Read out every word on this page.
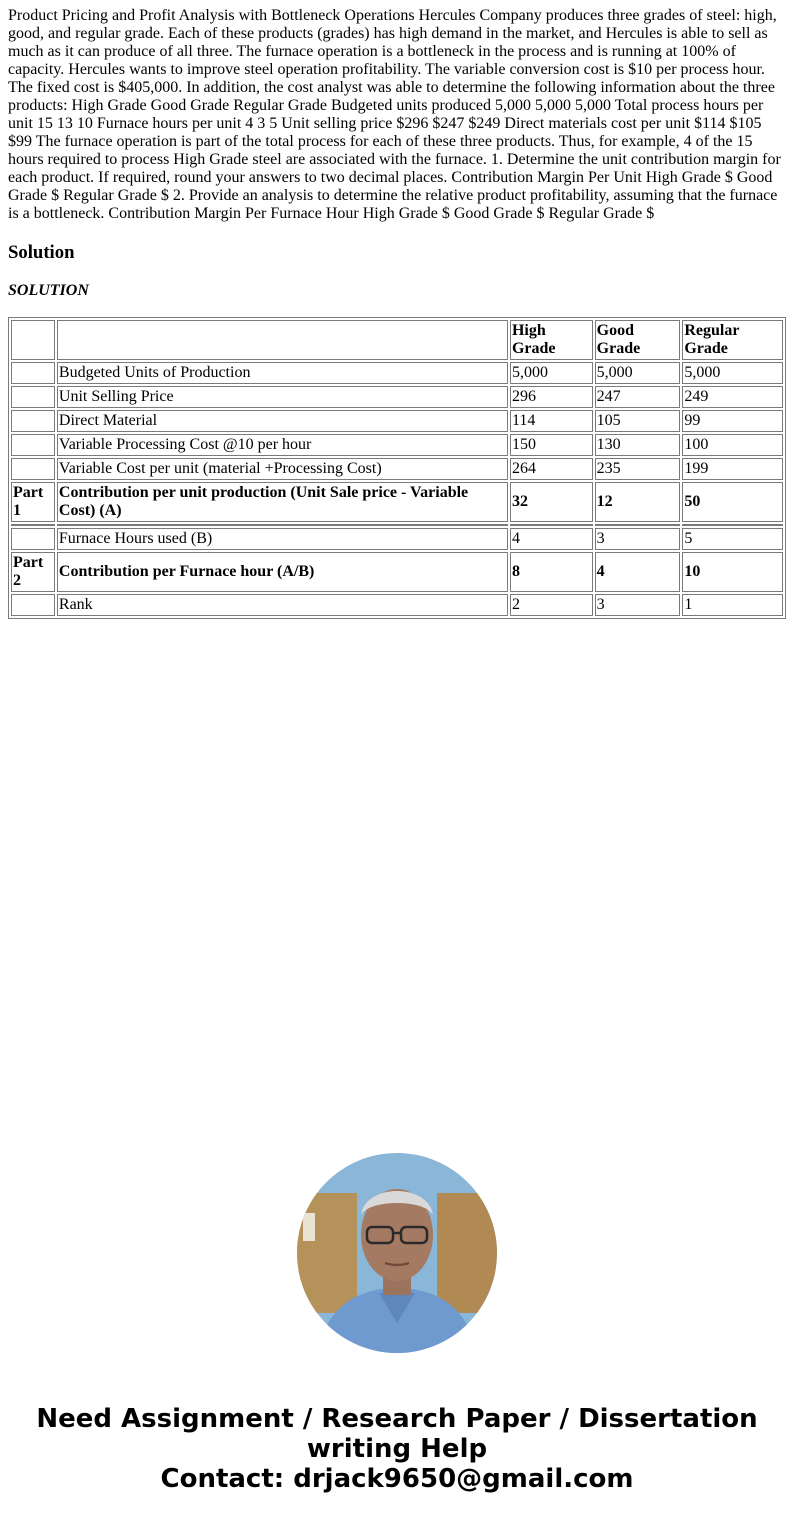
Product Pricing and Profit Analysis with Bottleneck Operations Hercules Company produces three grades of steel: high, good, and regular grade. Each of these products (grades) has high demand in the market, and Hercules is able to sell as much as it can produce of all three. The furnace operation is a bottleneck in the process and is running at 100% of capacity. Hercules wants to improve steel operation profitability. The variable conversion cost is $10 per process hour. The fixed cost is $405,000. In addition, the cost analyst was able to determine the following information about the three products: High Grade Good Grade Regular Grade Budgeted units produced 5,000 5,000 5,000 Total process hours per unit 15 13 10 Furnace hours per unit 4 3 5 Unit selling price $296 $247 $249 Direct materials cost per unit $114 $105 $99 The furnace operation is part of the total process for each of these three products. Thus, for example, 4 of the 15 hours required to process High Grade steel are associated with the furnace. 1. Determine the unit contribution margin for each product. If required, round your answers to two decimal places. Contribution Margin Per Unit High Grade $ Good Grade $ Regular Grade $ 2. Provide an analysis to determine the relative product profitability, assuming that the furnace is a bottleneck. Contribution Margin Per Furnace Hour High Grade $ Good Grade $ Regular Grade $
Solution
SOLUTION
		High Grade	Good Grade	Regular Grade
	Budgeted Units of Production	5,000	5,000	5,000
	Unit Selling Price	296	247	249
	Direct Material	114	105	99
	Variable Processing Cost @10 per hour	150	130	100
	Variable Cost per unit (material +Processing Cost)	264	235	199
Part 1	Contribution per unit production (Unit Sale price - Variable Cost) (A)	32	12	50

	Furnace Hours used (B)	4	3	5
Part 2	Contribution per Furnace hour (A/B)	8	4	10
	Rank	2	3	1
Need Assignment / Research Paper / Dissertation writing Help
Contact: drjack9650@gmail.com
